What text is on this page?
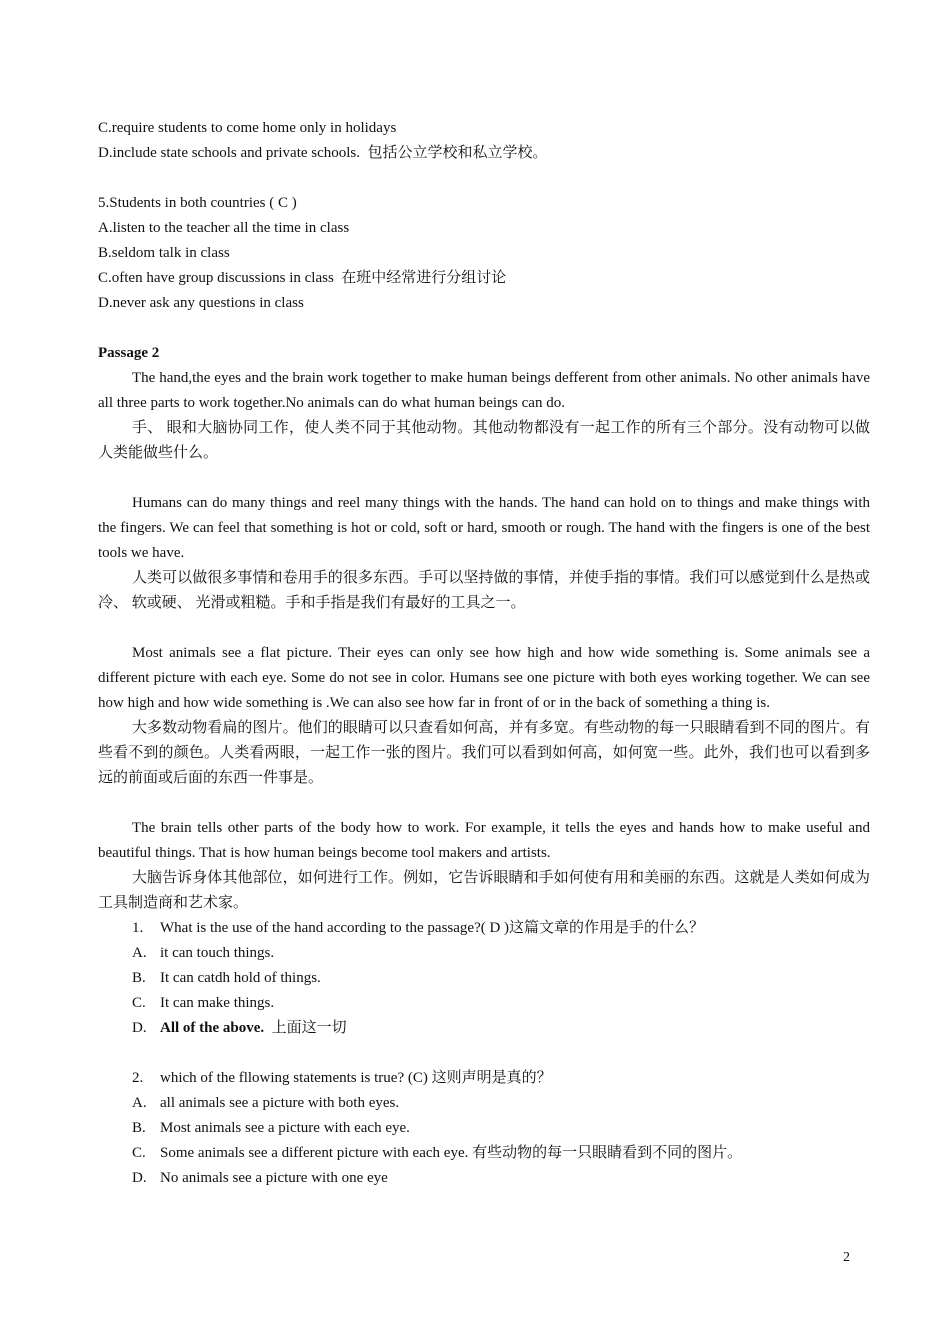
C.require students to come home only in holidays
D.include state schools and private schools.  包括公立学校和私立学校。
5.Students in both countries ( C )
A.listen to the teacher all the time in class
B.seldom talk in class
C.often have group discussions in class  在班中经常进行分组讨论
D.never ask any questions in class
Passage 2
The hand,the eyes and the brain work together to make human beings defferent from other animals. No other animals have all three parts to work together.No animals can do what human beings can do.
手、 眼和大脑协同工作，使人类不同于其他动物。其他动物都没有一起工作的所有三个部分。没有动物可以做人类能做些什么。
Humans can do many things and reel many things with the hands. The hand can hold on to things and make things with the fingers. We can feel that something is hot or cold, soft or hard, smooth or rough. The hand with the fingers is one of the best tools we have.
人类可以做很多事情和卷用手的很多东西。手可以坚持做的事情，并使手指的事情。我们可以感觉到什么是热或冷、 软或硬、 光滑或粗糙。手和手指是我们有最好的工具之一。
Most animals see a flat picture. Their eyes can only see how high and how wide something is. Some animals see a different picture with each eye. Some do not see in color. Humans see one picture with both eyes working together. We can see how high and how wide something is .We can also see how far in front of or in the back of something a thing is.
大多数动物看扁的图片。他们的眼睛可以只查看如何高，并有多宽。有些动物的每一只眼睛看到不同的图片。有些看不到的颜色。人类看两眼，一起工作一张的图片。我们可以看到如何高，如何宽一些。此外，我们也可以看到多远的前面或后面的东西一件事是。
The brain tells other parts of the body how to work. For example, it tells the eyes and hands how to make useful and beautiful things. That is how human beings become tool makers and artists.
大脑告诉身体其他部位，如何进行工作。例如，它告诉眼睛和手如何使有用和美丽的东西。这就是人类如何成为工具制造商和艺术家。
1.	What is the use of the hand according to the passage?( D )这篇文章的作用是手的什么？
A. it can touch things.
B. It can catdh hold of things.
C. It can make things.
D. All of the above. 上面这一切
2.	which of the fllowing statements is true? (C) 这则声明是真的？
A. all animals see a picture with both eyes.
B. Most animals see a picture with each eye.
C. Some animals see a different picture with each eye. 有些动物的每一只眼睛看到不同的图片。
D. No animals see a picture with one eye
2
